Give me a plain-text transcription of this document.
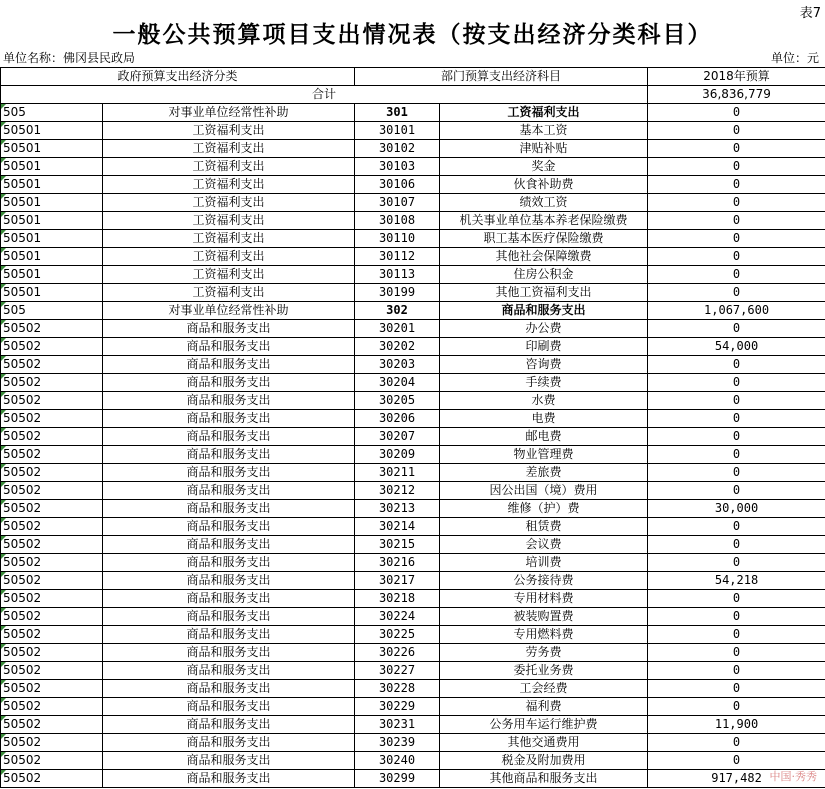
表7
一般公共预算项目支出情况表（按支出经济分类科目）
单位名称：佛冈县民政局	单位：元
政府预算支出经济分类		部门预算支出经济科目		2018年预算
合计				36,836,779
505	对事业单位经常性补助	301	工资福利支出	0
50501	工资福利支出	30101	基本工资	0
50501	工资福利支出	30102	津贴补贴	0
50501	工资福利支出	30103	奖金	0
50501	工资福利支出	30106	伙食补助费	0
50501	工资福利支出	30107	绩效工资	0
50501	工资福利支出	30108	机关事业单位基本养老保险缴费	0
50501	工资福利支出	30110	职工基本医疗保险缴费	0
50501	工资福利支出	30112	其他社会保障缴费	0
50501	工资福利支出	30113	住房公积金	0
50501	工资福利支出	30199	其他工资福利支出	0
505	对事业单位经常性补助	302	商品和服务支出	1,067,600
50502	商品和服务支出	30201	办公费	0
50502	商品和服务支出	30202	印刷费	54,000
50502	商品和服务支出	30203	咨询费	0
50502	商品和服务支出	30204	手续费	0
50502	商品和服务支出	30205	水费	0
50502	商品和服务支出	30206	电费	0
50502	商品和服务支出	30207	邮电费	0
50502	商品和服务支出	30209	物业管理费	0
50502	商品和服务支出	30211	差旅费	0
50502	商品和服务支出	30212	因公出国（境）费用	0
50502	商品和服务支出	30213	维修（护）费	30,000
50502	商品和服务支出	30214	租赁费	0
50502	商品和服务支出	30215	会议费	0
50502	商品和服务支出	30216	培训费	0
50502	商品和服务支出	30217	公务接待费	54,218
50502	商品和服务支出	30218	专用材料费	0
50502	商品和服务支出	30224	被装购置费	0
50502	商品和服务支出	30225	专用燃料费	0
50502	商品和服务支出	30226	劳务费	0
50502	商品和服务支出	30227	委托业务费	0
50502	商品和服务支出	30228	工会经费	0
50502	商品和服务支出	30229	福利费	0
50502	商品和服务支出	30231	公务用车运行维护费	11,900
50502	商品和服务支出	30239	其他交通费用	0
50502	商品和服务支出	30240	税金及附加费用	0
50502	商品和服务支出	30299	其他商品和服务支出	917,482 中国·秀秀
